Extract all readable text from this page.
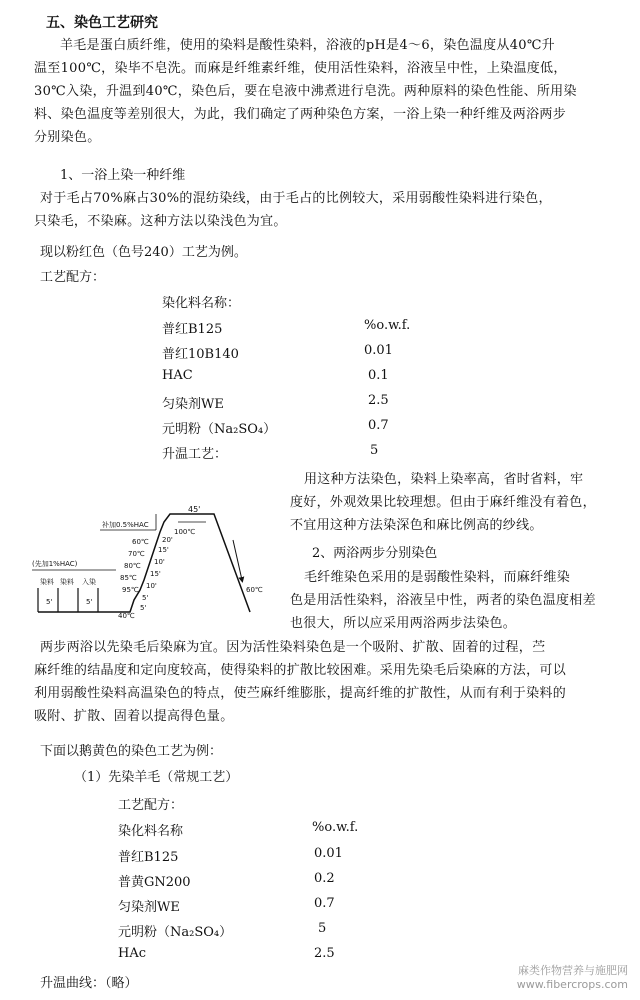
五、染色工艺研究
羊毛是蛋白质纤维，使用的染料是酸性染料，浴液的pH是4～6，染色温度从40℃升
温至100℃，染毕不皂洗。而麻是纤维素纤维，使用活性染料，浴液呈中性，上染温度低，
30℃入染，升温到40℃，染色后，要在皂液中沸煮进行皂洗。两种原料的染色性能、所用染
料、染色温度等差别很大，为此，我们确定了两种染色方案，一浴上染一种纤维及两浴两步
分别染色。
1、一浴上染一种纤维
对于毛占70%麻占30%的混纺染线，由于毛占的比例较大，采用弱酸性染料进行染色，
只染毛，不染麻。这种方法以染浅色为宜。
现以粉红色（色号240）工艺为例。
工艺配方：
染化料名称：
普红B125	%o.w.f.
普红10B140	0.01
HAC	0.1
匀染剂WE	2.5
元明粉（Na₂SO₄）	0.7
升温工艺：	5
补加0.5%HAC
(先加1%HAC)
染料 染料 入染
45'
100℃
60℃
40℃
5'	5'	5'
10'
15'
10'
15'
20'
5'
95℃
85℃
80℃
70℃
60℃
用这种方法染色，染料上染率高，省时省料，牢
度好，外观效果比较理想。但由于麻纤维没有着色，
不宜用这种方法染深色和麻比例高的纱线。
2、两浴两步分别染色
毛纤维染色采用的是弱酸性染料，而麻纤维染
色是用活性染料，浴液呈中性，两者的染色温度相差
也很大，所以应采用两浴两步法染色。
两步两浴以先染毛后染麻为宜。因为活性染料染色是一个吸附、扩散、固着的过程，苎
麻纤维的结晶度和定向度较高，使得染料的扩散比较困难。采用先染毛后染麻的方法，可以
利用弱酸性染料高温染色的特点，使苎麻纤维膨胀，提高纤维的扩散性，从而有利于染料的
吸附、扩散、固着以提高得色量。
下面以鹅黄色的染色工艺为例：
（1）先染羊毛（常规工艺）
工艺配方：
染化料名称	%o.w.f.
普红B125	0.01
普黄GN200	0.2
匀染剂WE	0.7
元明粉（Na₂SO₄）	5
HAc	2.5
升温曲线：（略）
麻类作物营养与施肥网
www.fibercrops.com
